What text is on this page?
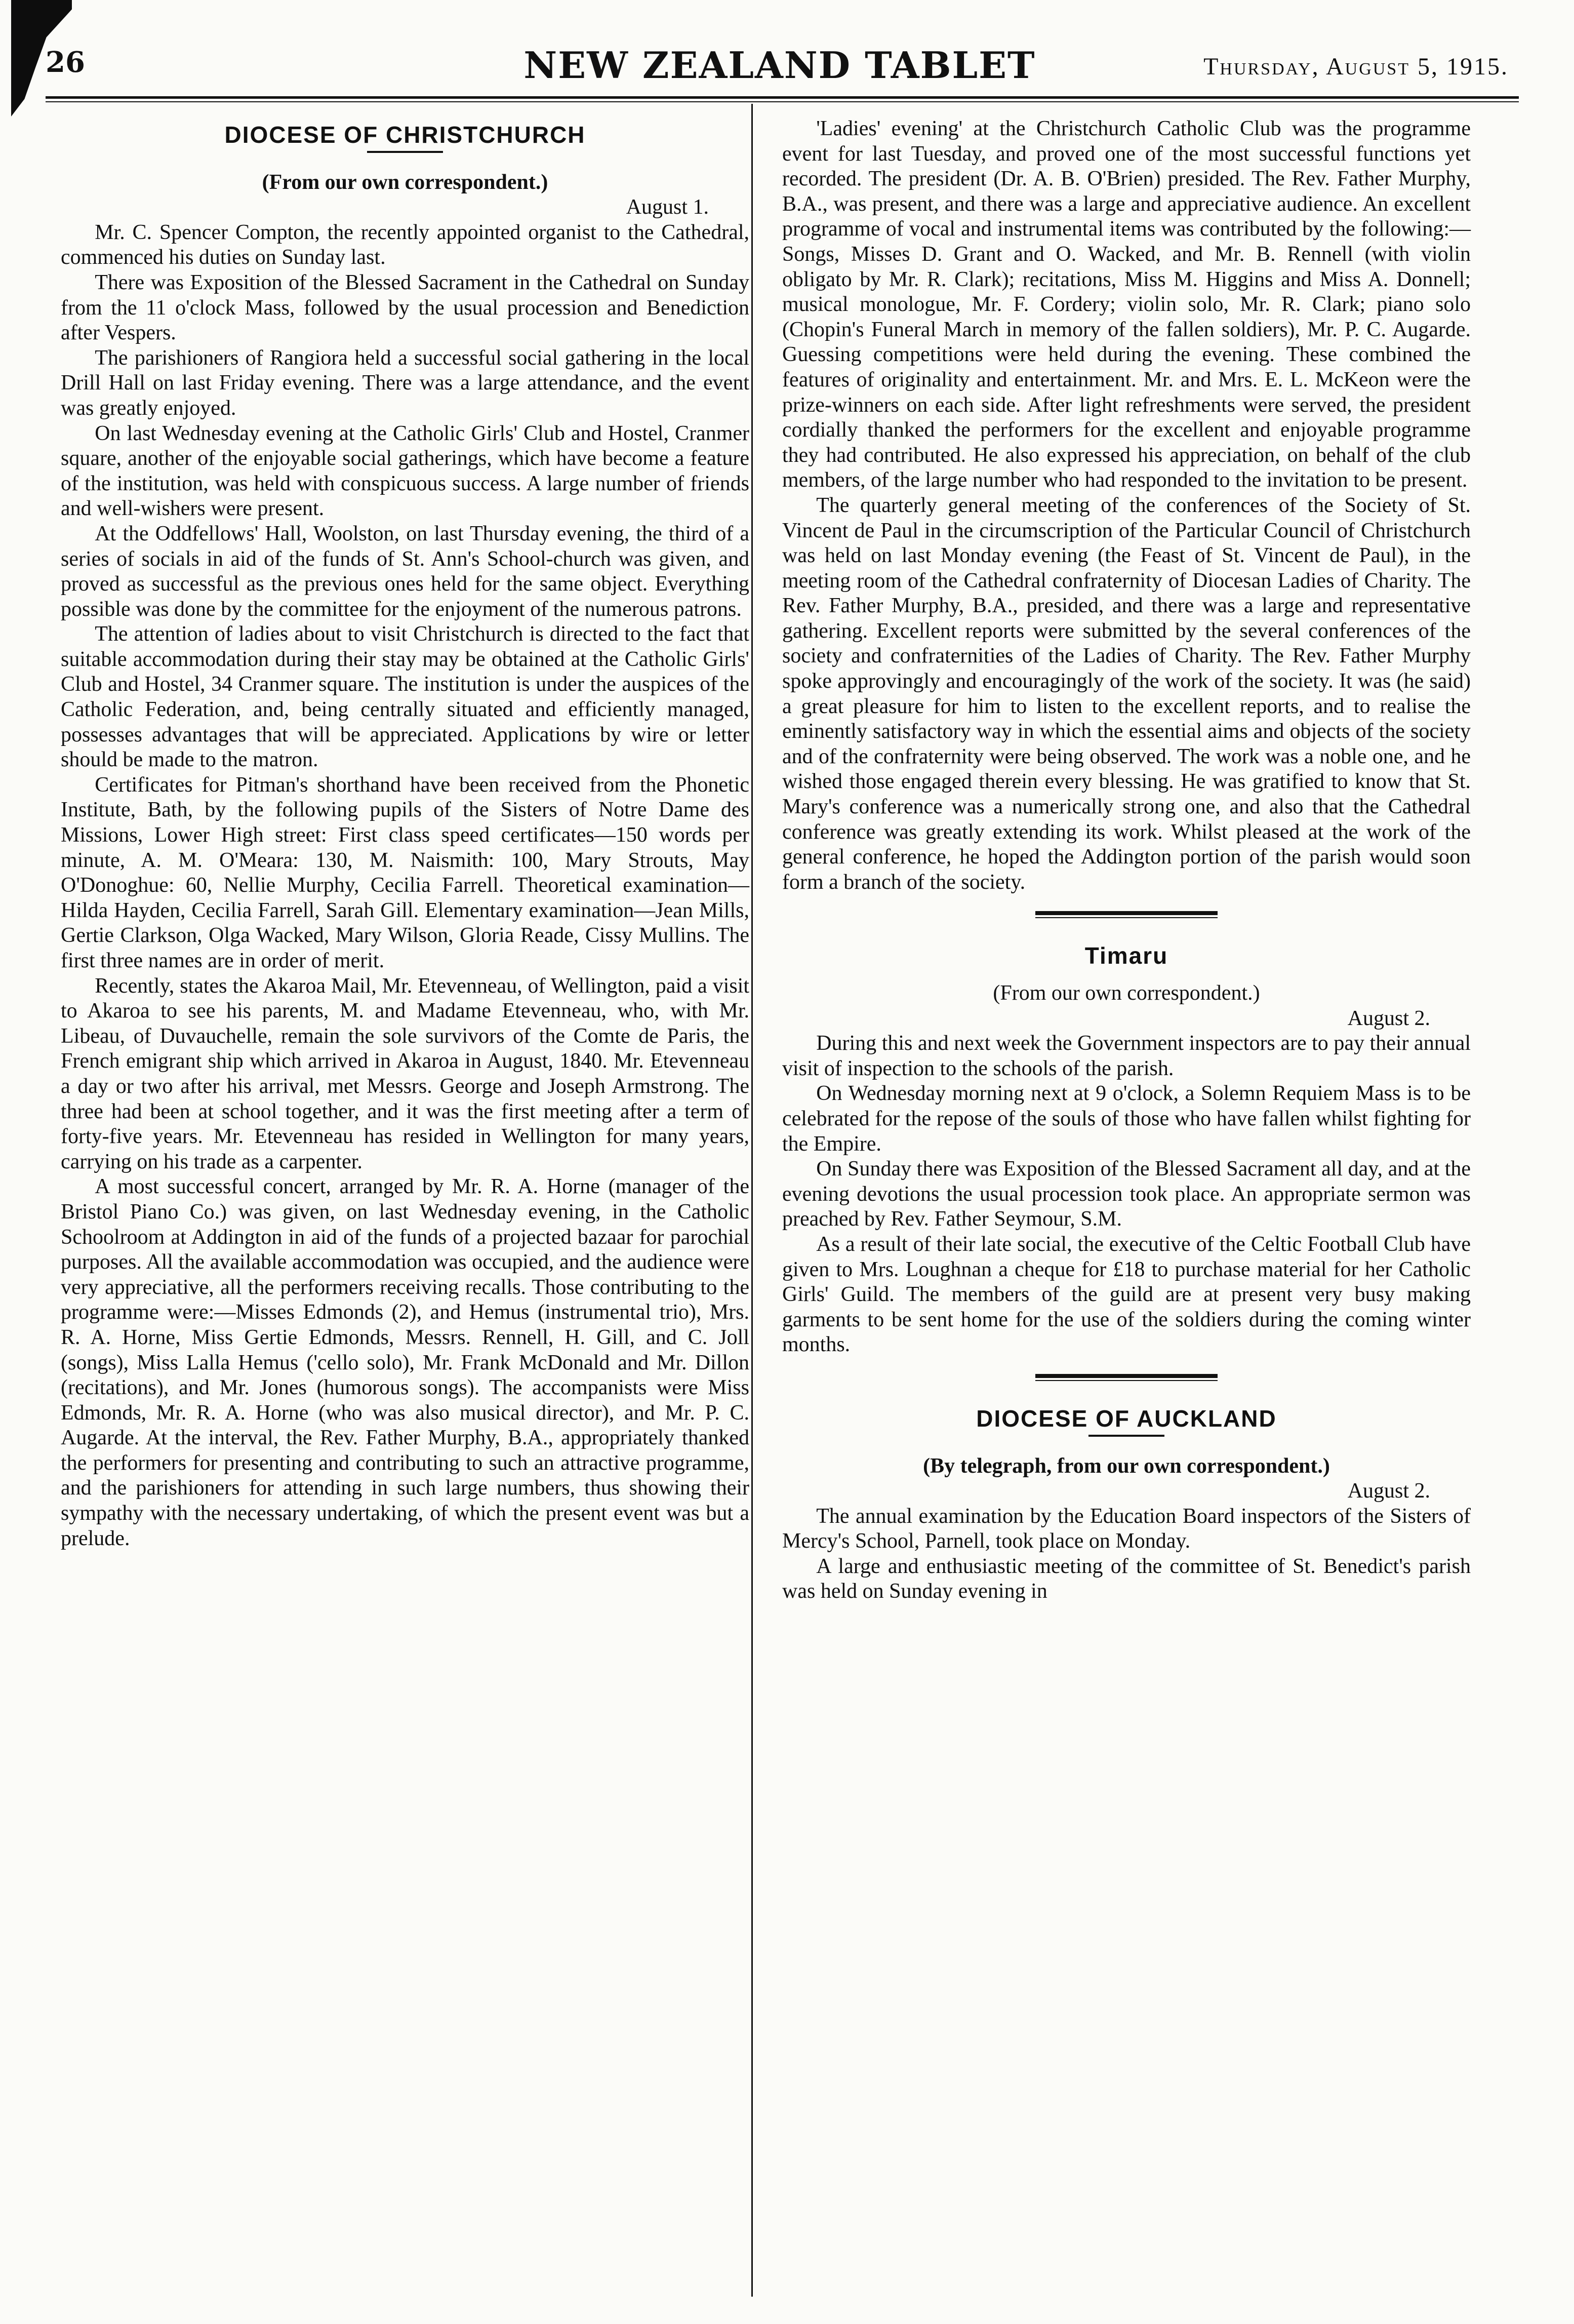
26	NEW ZEALAND TABLET	Thursday, August 5, 1915.
DIOCESE OF CHRISTCHURCH

(From our own correspondent.)

August 1.

Mr. C. Spencer Compton, the recently appointed organist to the Cathedral, commenced his duties on Sunday last.

There was Exposition of the Blessed Sacrament in the Cathedral on Sunday from the 11 o'clock Mass, followed by the usual procession and Benediction after Vespers.

The parishioners of Rangiora held a successful social gathering in the local Drill Hall on last Friday evening. There was a large attendance, and the event was greatly enjoyed.

On last Wednesday evening at the Catholic Girls' Club and Hostel, Cranmer square, another of the enjoyable social gatherings, which have become a feature of the institution, was held with conspicuous success. A large number of friends and well-wishers were present.

At the Oddfellows' Hall, Woolston, on last Thursday evening, the third of a series of socials in aid of the funds of St. Ann's School-church was given, and proved as successful as the previous ones held for the same object. Everything possible was done by the committee for the enjoyment of the numerous patrons.

The attention of ladies about to visit Christchurch is directed to the fact that suitable accommodation during their stay may be obtained at the Catholic Girls' Club and Hostel, 34 Cranmer square. The institution is under the auspices of the Catholic Federation, and, being centrally situated and efficiently managed, possesses advantages that will be appreciated. Applications by wire or letter should be made to the matron.

Certificates for Pitman's shorthand have been received from the Phonetic Institute, Bath, by the following pupils of the Sisters of Notre Dame des Missions, Lower High street: First class speed certificates—150 words per minute, A. M. O'Meara: 130, M. Naismith: 100, Mary Strouts, May O'Donoghue: 60, Nellie Murphy, Cecilia Farrell. Theoretical examination—Hilda Hayden, Cecilia Farrell, Sarah Gill. Elementary examination—Jean Mills, Gertie Clarkson, Olga Wacked, Mary Wilson, Gloria Reade, Cissy Mullins. The first three names are in order of merit.

Recently, states the Akaroa Mail, Mr. Etevenneau, of Wellington, paid a visit to Akaroa to see his parents, M. and Madame Etevenneau, who, with Mr. Libeau, of Duvauchelle, remain the sole survivors of the Comte de Paris, the French emigrant ship which arrived in Akaroa in August, 1840. Mr. Etevenneau a day or two after his arrival, met Messrs. George and Joseph Armstrong. The three had been at school together, and it was the first meeting after a term of forty-five years. Mr. Etevenneau has resided in Wellington for many years, carrying on his trade as a carpenter.

A most successful concert, arranged by Mr. R. A. Horne (manager of the Bristol Piano Co.) was given, on last Wednesday evening, in the Catholic Schoolroom at Addington in aid of the funds of a projected bazaar for parochial purposes. All the available accommodation was occupied, and the audience were very appreciative, all the performers receiving recalls. Those contributing to the programme were:—Misses Edmonds (2), and Hemus (instrumental trio), Mrs. R. A. Horne, Miss Gertie Edmonds, Messrs. Rennell, H. Gill, and C. Joll (songs), Miss Lalla Hemus ('cello solo), Mr. Frank McDonald and Mr. Dillon (recitations), and Mr. Jones (humorous songs). The accompanists were Miss Edmonds, Mr. R. A. Horne (who was also musical director), and Mr. P. C. Augarde. At the interval, the Rev. Father Murphy, B.A., appropriately thanked the performers for presenting and contributing to such an attractive programme, and the parishioners for attending in such large numbers, thus showing their sympathy with the necessary undertaking, of which the present event was but a prelude.

'Ladies' evening' at the Christchurch Catholic Club was the programme event for last Tuesday, and proved one of the most successful functions yet recorded. The president (Dr. A. B. O'Brien) presided. The Rev. Father Murphy, B.A., was present, and there was a large and appreciative audience. An excellent programme of vocal and instrumental items was contributed by the following:—Songs, Misses D. Grant and O. Wacked, and Mr. B. Rennell (with violin obligato by Mr. R. Clark); recitations, Miss M. Higgins and Miss A. Donnell; musical monologue, Mr. F. Cordery; violin solo, Mr. R. Clark; piano solo (Chopin's Funeral March in memory of the fallen soldiers), Mr. P. C. Augarde. Guessing competitions were held during the evening. These combined the features of originality and entertainment. Mr. and Mrs. E. L. McKeon were the prize-winners on each side. After light refreshments were served, the president cordially thanked the performers for the excellent and enjoyable programme they had contributed. He also expressed his appreciation, on behalf of the club members, of the large number who had responded to the invitation to be present.

The quarterly general meeting of the conferences of the Society of St. Vincent de Paul in the circumscription of the Particular Council of Christchurch was held on last Monday evening (the Feast of St. Vincent de Paul), in the meeting room of the Cathedral confraternity of Diocesan Ladies of Charity. The Rev. Father Murphy, B.A., presided, and there was a large and representative gathering. Excellent reports were submitted by the several conferences of the society and confraternities of the Ladies of Charity. The Rev. Father Murphy spoke approvingly and encouragingly of the work of the society. It was (he said) a great pleasure for him to listen to the excellent reports, and to realise the eminently satisfactory way in which the essential aims and objects of the society and of the confraternity were being observed. The work was a noble one, and he wished those engaged therein every blessing. He was gratified to know that St. Mary's conference was a numerically strong one, and also that the Cathedral conference was greatly extending its work. Whilst pleased at the work of the general conference, he hoped the Addington portion of the parish would soon form a branch of the society.

Timaru

(From our own correspondent.)

August 2.

During this and next week the Government inspectors are to pay their annual visit of inspection to the schools of the parish.

On Wednesday morning next at 9 o'clock, a Solemn Requiem Mass is to be celebrated for the repose of the souls of those who have fallen whilst fighting for the Empire.

On Sunday there was Exposition of the Blessed Sacrament all day, and at the evening devotions the usual procession took place. An appropriate sermon was preached by Rev. Father Seymour, S.M.

As a result of their late social, the executive of the Celtic Football Club have given to Mrs. Loughnan a cheque for £18 to purchase material for her Catholic Girls' Guild. The members of the guild are at present very busy making garments to be sent home for the use of the soldiers during the coming winter months.

DIOCESE OF AUCKLAND

(By telegraph, from our own correspondent.)

August 2.

The annual examination by the Education Board inspectors of the Sisters of Mercy's School, Parnell, took place on Monday.

A large and enthusiastic meeting of the committee of St. Benedict's parish was held on Sunday evening in
